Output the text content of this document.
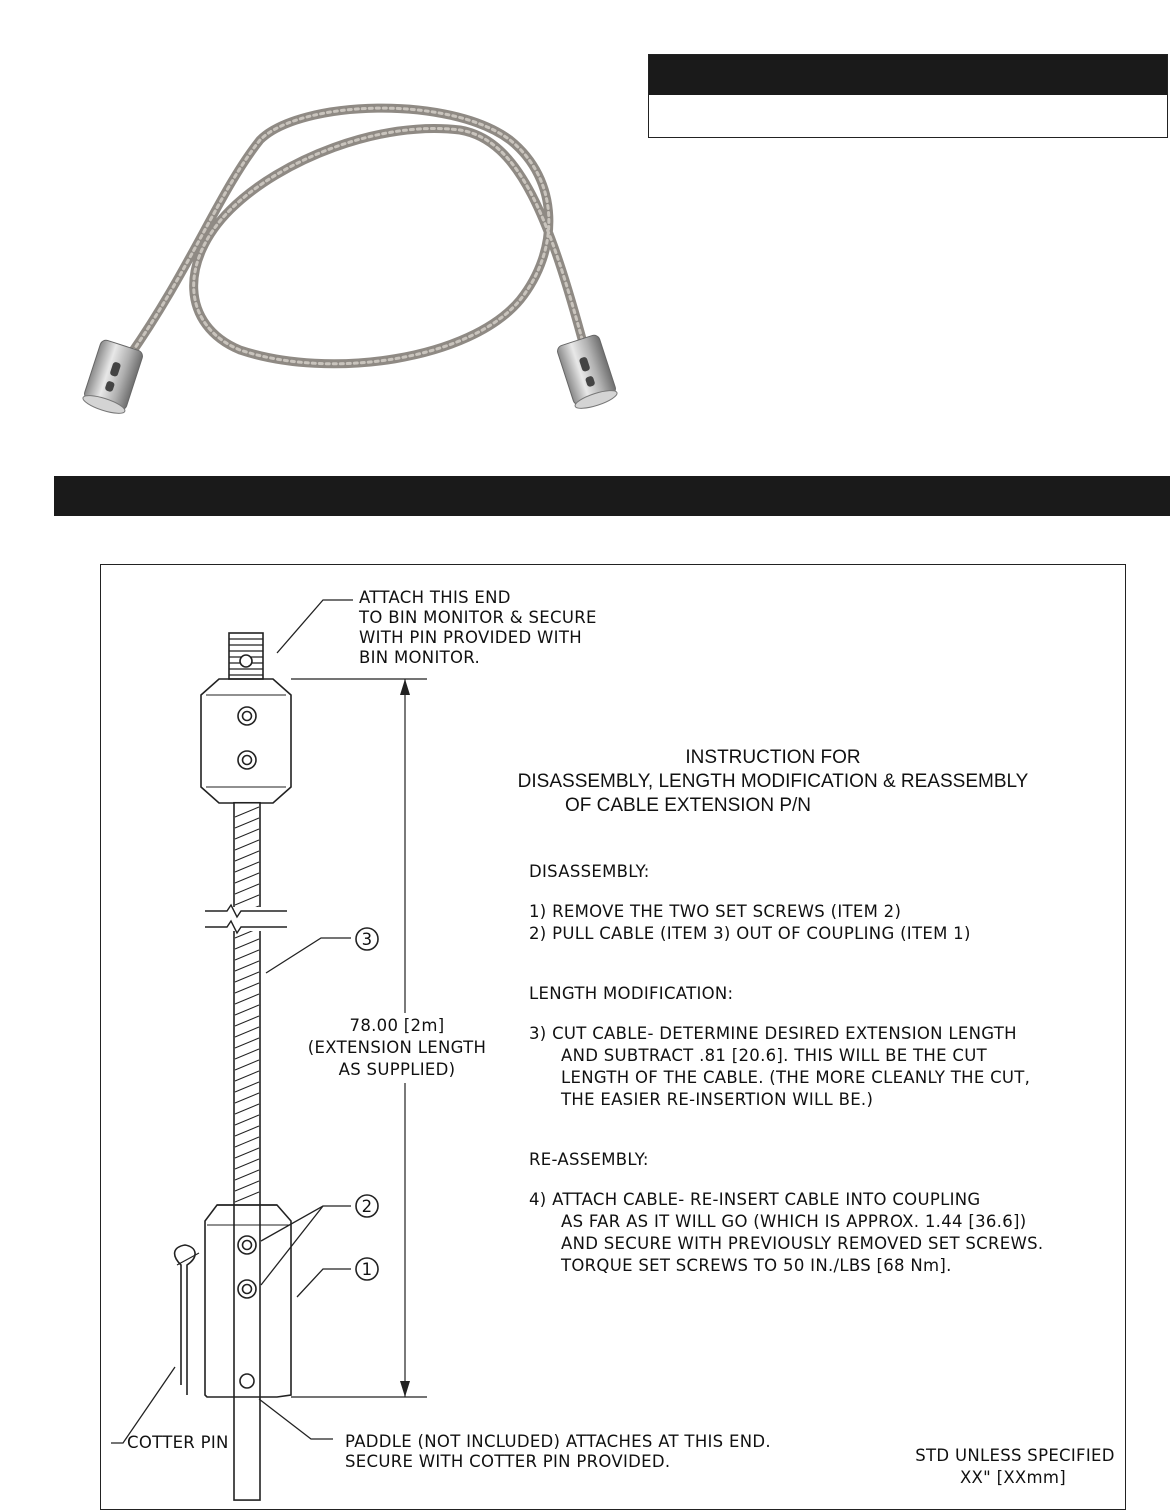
3
2
1
ATTACH THIS END
TO BIN MONITOR & SECURE
WITH PIN PROVIDED WITH
BIN MONITOR.
78.00 [2m]
(EXTENSION LENGTH
AS SUPPLIED)
COTTER PIN	PADDLE (NOT INCLUDED) ATTACHES AT THIS END.
SECURE WITH COTTER PIN PROVIDED.	STD UNLESS SPECIFIED
XX" [XXmm]
INSTRUCTION FOR
DISASSEMBLY, LENGTH MODIFICATION & REASSEMBLY
OF CABLE EXTENSION P/N
DISASSEMBLY:
1) REMOVE THE TWO SET SCREWS (ITEM 2)
2) PULL CABLE (ITEM 3) OUT OF COUPLING (ITEM 1)
LENGTH MODIFICATION:
3) CUT CABLE- DETERMINE DESIRED EXTENSION LENGTH
AND SUBTRACT .81 [20.6]. THIS WILL BE THE CUT
LENGTH OF THE CABLE. (THE MORE CLEANLY THE CUT,
THE EASIER RE-INSERTION WILL BE.)
RE-ASSEMBLY:
4) ATTACH CABLE- RE-INSERT CABLE INTO COUPLING
AS FAR AS IT WILL GO (WHICH IS APPROX. 1.44 [36.6])
AND SECURE WITH PREVIOUSLY REMOVED SET SCREWS.
TORQUE SET SCREWS TO 50 IN./LBS [68 Nm].
